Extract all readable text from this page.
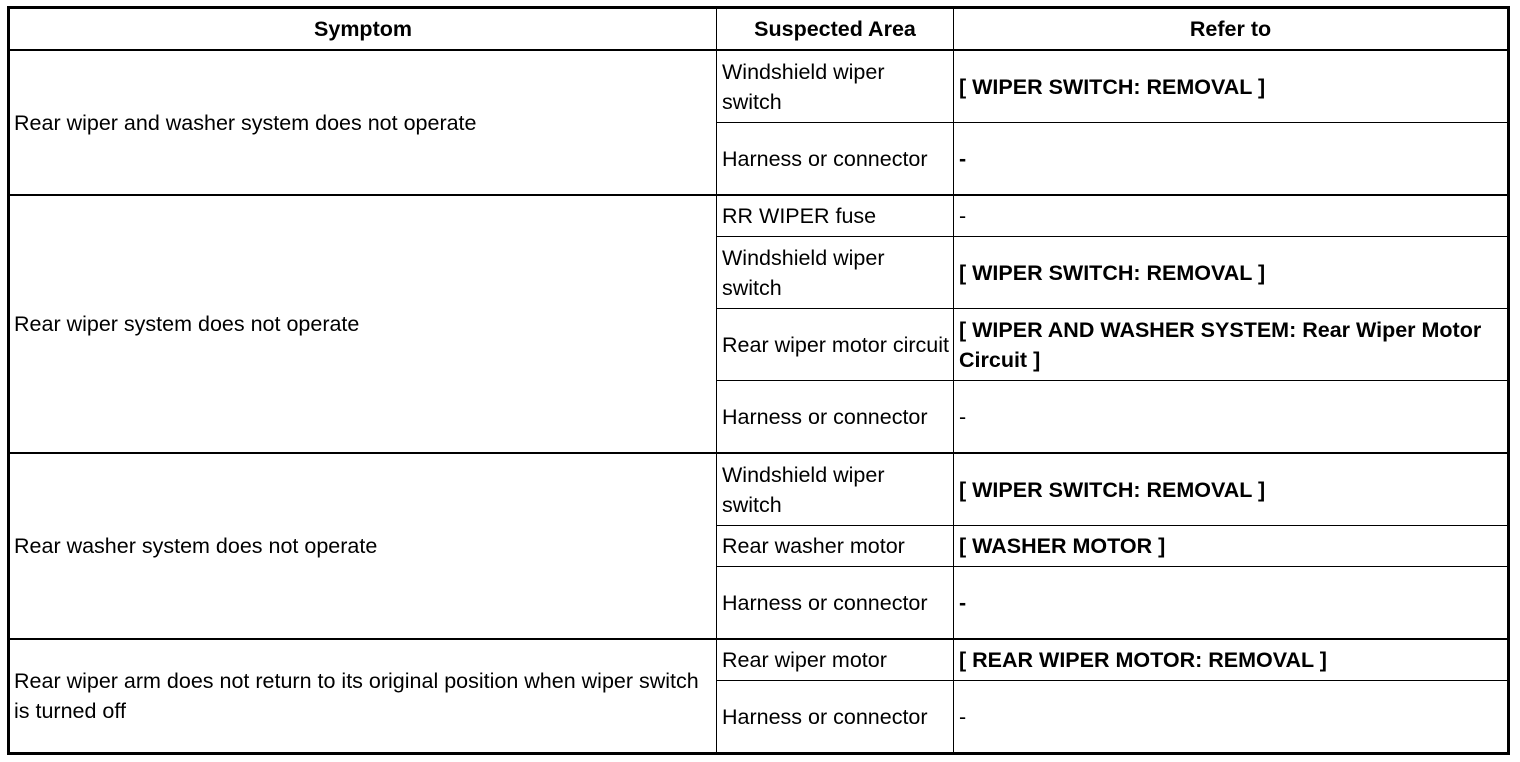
Symptom	Suspected Area	Refer to
Rear wiper and washer system does not operate	Windshield wiper switch	[ WIPER SWITCH: REMOVAL ]
	Harness or connector	-
Rear wiper system does not operate	RR WIPER fuse	-
	Windshield wiper switch	[ WIPER SWITCH: REMOVAL ]
	Rear wiper motor circuit	[ WIPER AND WASHER SYSTEM: Rear Wiper Motor Circuit ]
	Harness or connector	-
Rear washer system does not operate	Windshield wiper switch	[ WIPER SWITCH: REMOVAL ]
	Rear washer motor	[ WASHER MOTOR ]
	Harness or connector	-
Rear wiper arm does not return to its original position when wiper switch is turned off	Rear wiper motor	[ REAR WIPER MOTOR: REMOVAL ]
	Harness or connector	-
